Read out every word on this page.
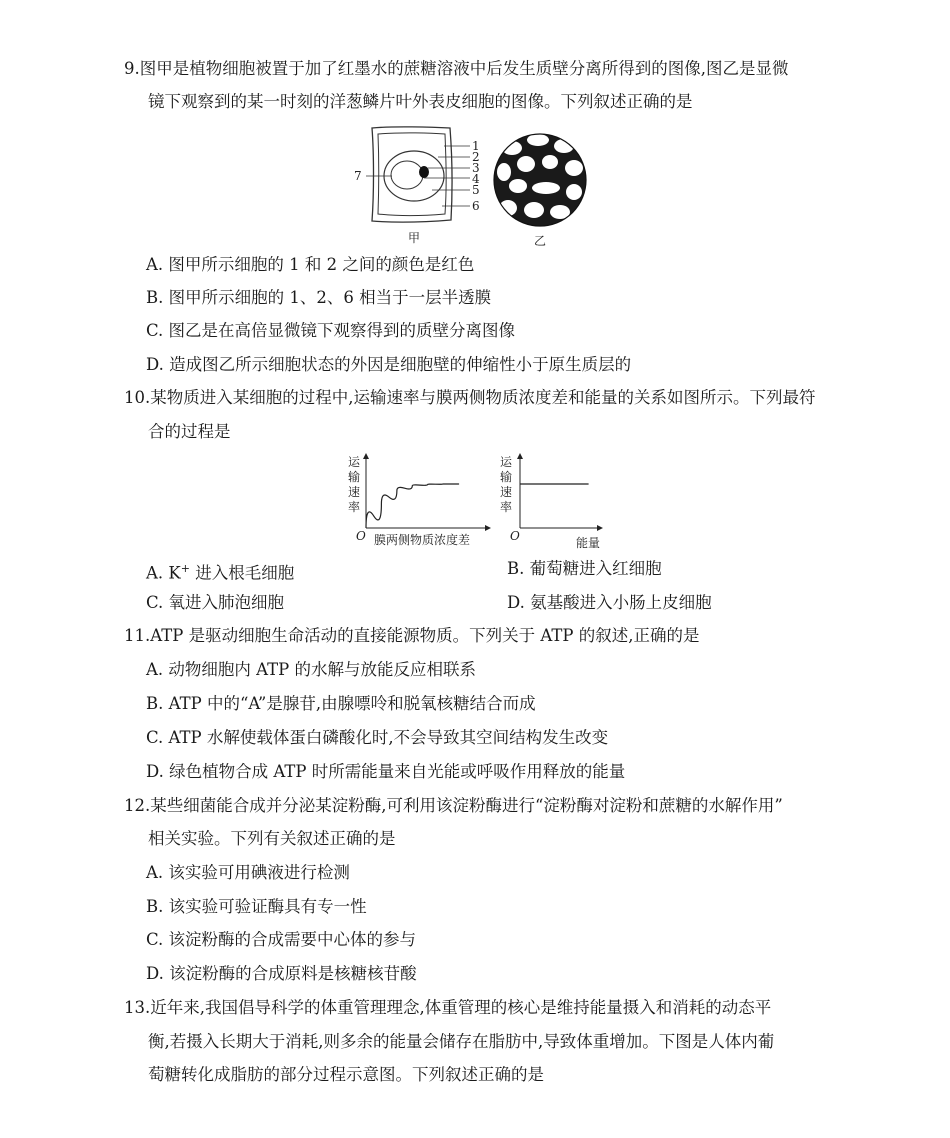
9.图甲是植物细胞被置于加了红墨水的蔗糖溶液中后发生质壁分离所得到的图像,图乙是显微
镜下观察到的某一时刻的洋葱鳞片叶外表皮细胞的图像。下列叙述正确的是
1
2
3
4
5
6
7
甲	乙
A. 图甲所示细胞的 1 和 2 之间的颜色是红色
B. 图甲所示细胞的 1、2、6 相当于一层半透膜
C. 图乙是在高倍显微镜下观察得到的质壁分离图像
D. 造成图乙所示细胞状态的外因是细胞壁的伸缩性小于原生质层的
10.某物质进入某细胞的过程中,运输速率与膜两侧物质浓度差和能量的关系如图所示。下列最符
合的过程是
运
输
速
率
O 膜两侧物质浓度差
运
输
速
率
O	能量
A. K+ 进入根毛细胞	B. 葡萄糖进入红细胞
C. 氧进入肺泡细胞	D. 氨基酸进入小肠上皮细胞
11.ATP 是驱动细胞生命活动的直接能源物质。下列关于 ATP 的叙述,正确的是
A. 动物细胞内 ATP 的水解与放能反应相联系
B. ATP 中的“A”是腺苷,由腺嘌呤和脱氧核糖结合而成
C. ATP 水解使载体蛋白磷酸化时,不会导致其空间结构发生改变
D. 绿色植物合成 ATP 时所需能量来自光能或呼吸作用释放的能量
12.某些细菌能合成并分泌某淀粉酶,可利用该淀粉酶进行“淀粉酶对淀粉和蔗糖的水解作用”
相关实验。下列有关叙述正确的是
A. 该实验可用碘液进行检测
B. 该实验可验证酶具有专一性
C. 该淀粉酶的合成需要中心体的参与
D. 该淀粉酶的合成原料是核糖核苷酸
13.近年来,我国倡导科学的体重管理理念,体重管理的核心是维持能量摄入和消耗的动态平
衡,若摄入长期大于消耗,则多余的能量会储存在脂肪中,导致体重增加。下图是人体内葡
萄糖转化成脂肪的部分过程示意图。下列叙述正确的是
